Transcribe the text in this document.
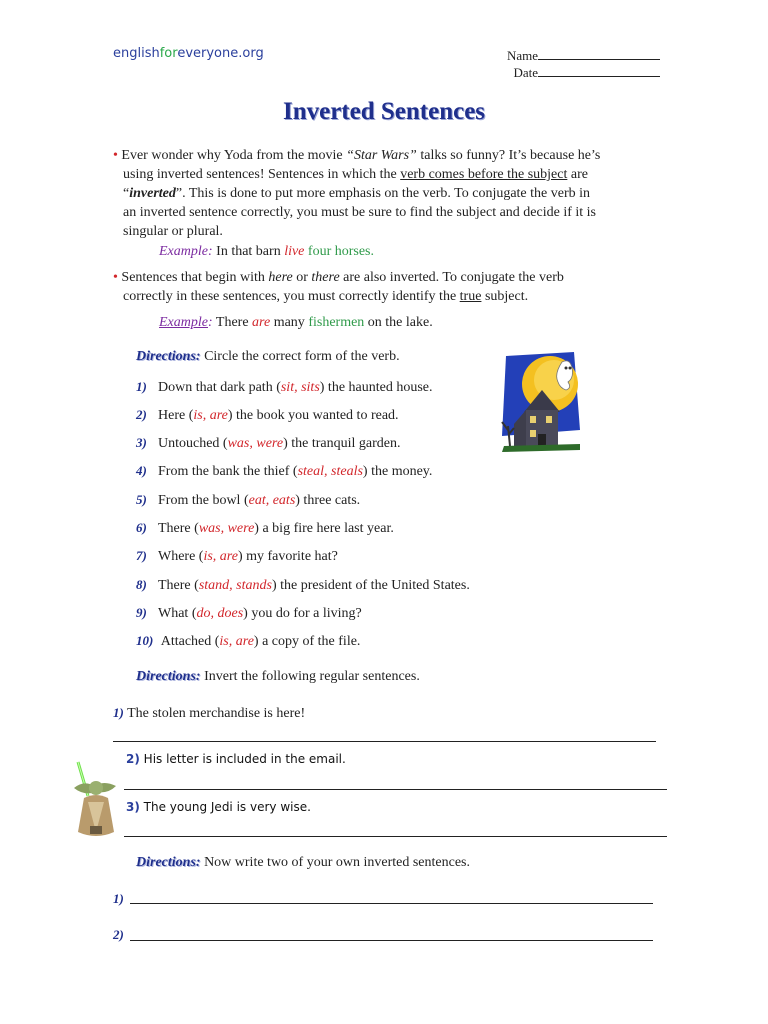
englishforeveryone.org	Name
Date
Inverted Sentences
• Ever wonder why Yoda from the movie “Star Wars” talks so funny? It’s because he’s
using inverted sentences! Sentences in which the verb comes before the subject are
“inverted”. This is done to put more emphasis on the verb. To conjugate the verb in
an inverted sentence correctly, you must be sure to find the subject and decide if it is
singular or plural.
Example: In that barn live four horses.
• Sentences that begin with here or there are also inverted. To conjugate the verb
correctly in these sentences, you must correctly identify the true subject.
Example: There are many fishermen on the lake.
Directions: Circle the correct form of the verb.
1) Down that dark path (sit, sits) the haunted house.
2) Here (is, are) the book you wanted to read.
3) Untouched (was, were) the tranquil garden.
4) From the bank the thief (steal, steals) the money.
5) From the bowl (eat, eats) three cats.
6) There (was, were) a big fire here last year.
7) Where (is, are) my favorite hat?
8) There (stand, stands) the president of the United States.
9) What (do, does) you do for a living?
10) Attached (is, are) a copy of the file.
Directions: Invert the following regular sentences.
1) The stolen merchandise is here!
2) His letter is included in the email.
3) The young Jedi is very wise.
Directions: Now write two of your own inverted sentences.
1)
2)
